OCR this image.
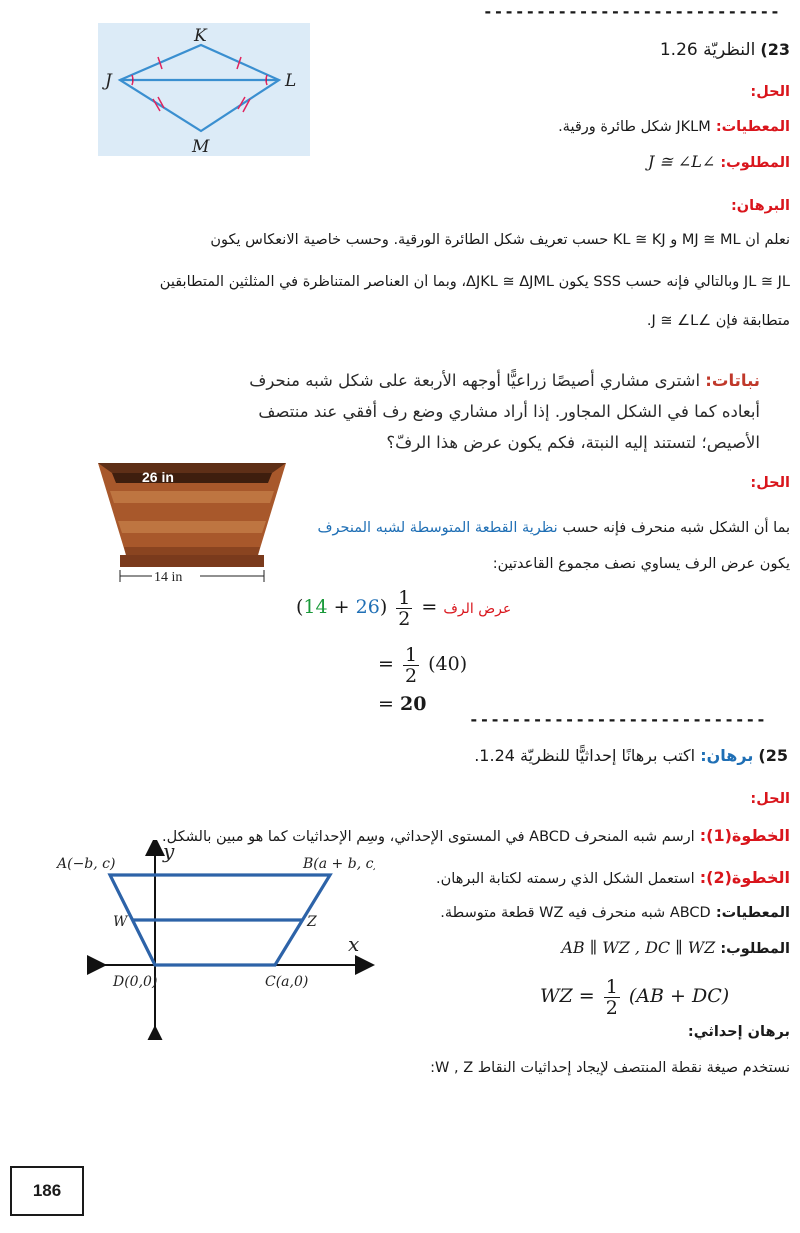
----------------------------
K
J	L
M
23) النظريّة 1.26
الحل:
المعطيات: JKLM شكل طائرة ورقية.
المطلوب: ∠J ≅ ∠L
البرهان:
نعلم أن MJ ≅ ML و KL ≅ KJ حسب تعريف شكل الطائرة الورقية. وحسب خاصية الانعكاس يكون
JL ≅ JL وبالتالي فإنه حسب SSS يكون ΔJKL ≅ ΔJML، وبما أن العناصر المتناظرة في المثلثين المتطابقين
متطابقة فإن ∠J ≅ ∠L.
نباتات: اشترى مشاري أصيصًا زراعيًّا أوجهه الأربعة على شكل شبه منحرف
أبعاده كما في الشكل المجاور. إذا أراد مشاري وضع رف أفقي عند منتصف
الأصيص؛ لتستند إليه النبتة، فكم يكون عرض هذا الرفّ؟
26 in
14 in
الحل:
بما أن الشكل شبه منحرف فإنه حسب نظرية القطعة المتوسطة لشبه المنحرف
يكون عرض الرف يساوي نصف مجموع القاعدتين:
عرض الرف =
$\frac{1}{2}$
(26 + 14)
= $\frac{1}{2} (40)$
= 20
----------------------------
25) برهان: اكتب برهانًا إحداثيًّا للنظريّة 1.24.
الحل:
الخطوة(1): ارسم شبه المنحرف ABCD في المستوى الإحداثي، وسِمِ الإحداثيات كما هو مبين بالشكل.
الخطوة(2): استعمل الشكل الذي رسمته لكتابة البرهان.
المعطيات: ABCD شبه منحرف فيه WZ قطعة متوسطة.
المطلوب: AB ∥ WZ , DC ∥ WZ
WZ = $\frac{1}{2} (AB + DC)$
برهان إحداثي:
نستخدم صيغة نقطة المنتصف لإيجاد إحداثيات النقاط W , Z:
y
x
A(−b, c)	B(a + b, c)
W	Z
D(0,0)	C(a,0)
186
